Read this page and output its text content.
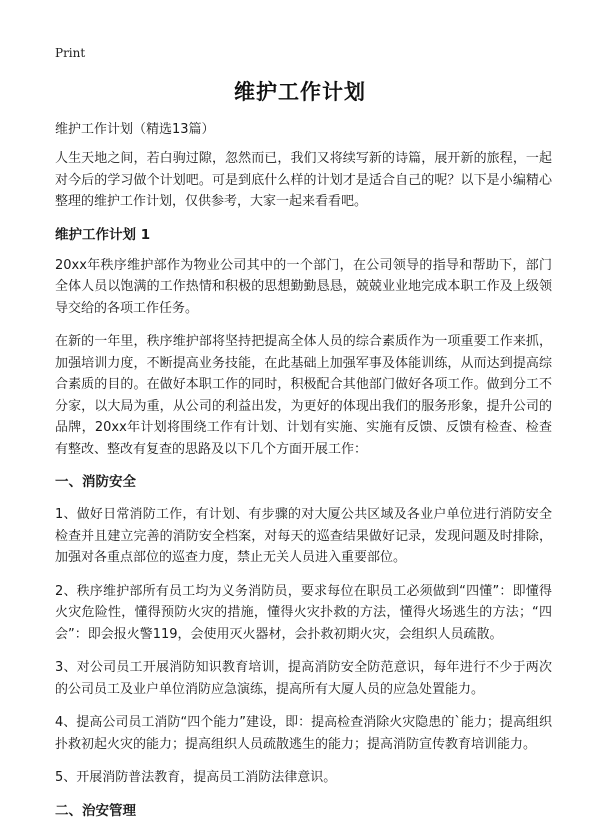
Print
维护工作计划
维护工作计划（精选13篇）

人生天地之间，若白驹过隙，忽然而已，我们又将续写新的诗篇，展开新的旅程，一起对今后的学习做个计划吧。可是到底什么样的计划才是适合自己的呢？以下是小编精心整理的维护工作计划，仅供参考，大家一起来看看吧。

维护工作计划 1

20xx年秩序维护部作为物业公司其中的一个部门，在公司领导的指导和帮助下，部门全体人员以饱满的工作热情和积极的思想勤勤恳恳，兢兢业业地完成本职工作及上级领导交给的各项工作任务。

在新的一年里，秩序维护部将坚持把提高全体人员的综合素质作为一项重要工作来抓，加强培训力度，不断提高业务技能，在此基础上加强军事及体能训练，从而达到提高综合素质的目的。在做好本职工作的同时，积极配合其他部门做好各项工作。做到分工不分家，以大局为重，从公司的利益出发，为更好的体现出我们的服务形象，提升公司的品牌，20xx年计划将围绕工作有计划、计划有实施、实施有反馈、反馈有检查、检查有整改、整改有复查的思路及以下几个方面开展工作：

一、消防安全

1、做好日常消防工作，有计划、有步骤的对大厦公共区域及各业户单位进行消防安全检查并且建立完善的消防安全档案，对每天的巡查结果做好记录，发现问题及时排除，加强对各重点部位的巡查力度，禁止无关人员进入重要部位。

2、秩序维护部所有员工均为义务消防员，要求每位在职员工必须做到“四懂”：即懂得火灾危险性，懂得预防火灾的措施，懂得火灾扑救的方法，懂得火场逃生的方法；“四会”：即会报火警119，会使用灭火器材，会扑救初期火灾，会组织人员疏散。

3、对公司员工开展消防知识教育培训，提高消防安全防范意识，每年进行不少于两次的公司员工及业户单位消防应急演练，提高所有大厦人员的应急处置能力。

4、提高公司员工消防“四个能力”建设，即：提高检查消除火灾隐患的`能力；提高组织扑救初起火灾的能力；提高组织人员疏散逃生的能力；提高消防宣传教育培训能力。

5、开展消防普法教育，提高员工消防法律意识。

二、治安管理
